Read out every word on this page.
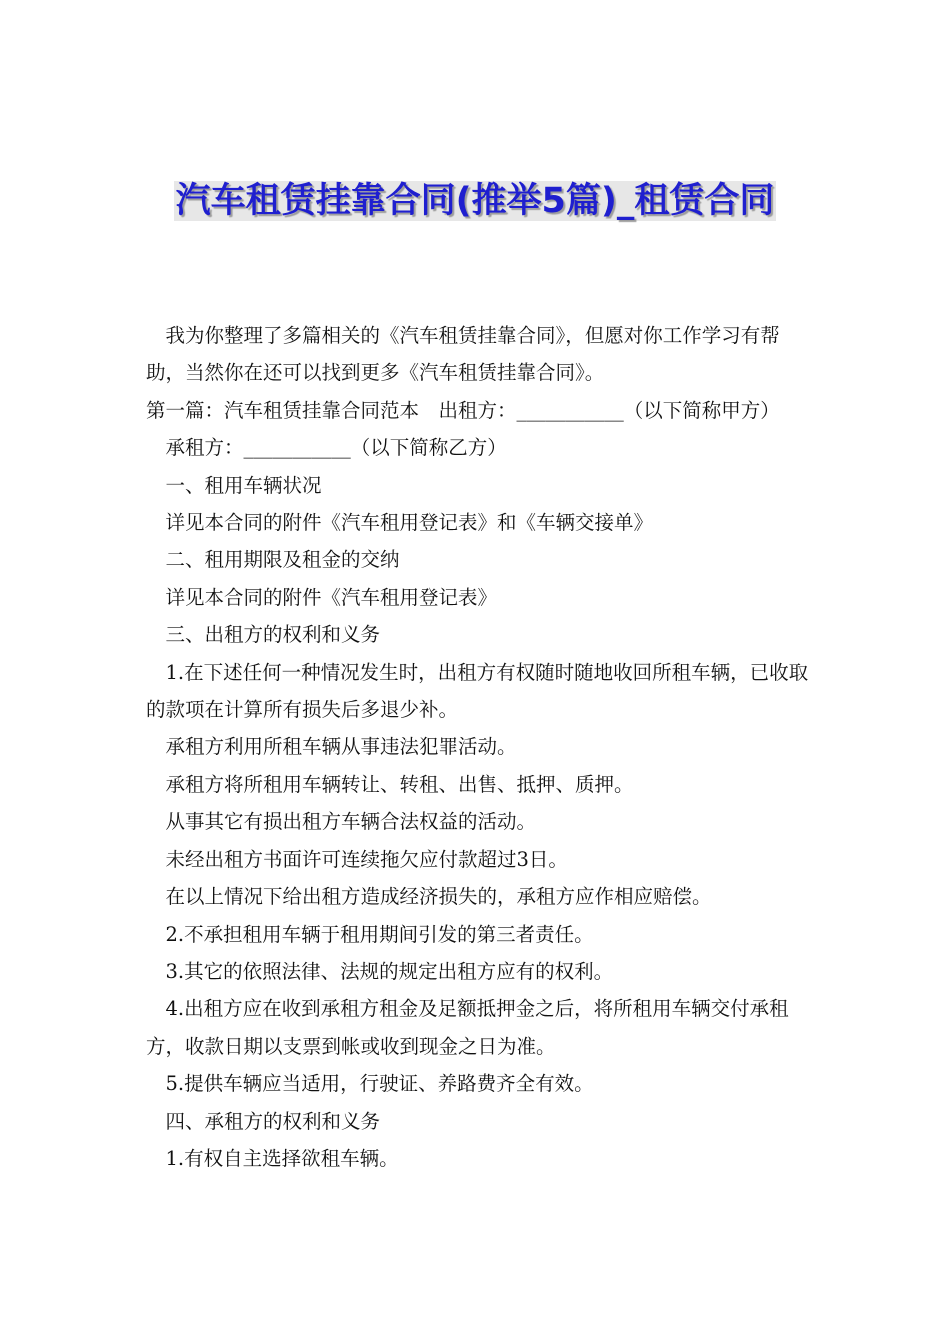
汽车租赁挂靠合同(推举5篇)_租赁合同

我为你整理了多篇相关的《汽车租赁挂靠合同》，但愿对你工作学习有帮助，当然你在还可以找到更多《汽车租赁挂靠合同》。

第一篇：汽车租赁挂靠合同范本　出租方：___________（以下简称甲方）

承租方：___________（以下简称乙方）

一、租用车辆状况

详见本合同的附件《汽车租用登记表》和《车辆交接单》

二、租用期限及租金的交纳

详见本合同的附件《汽车租用登记表》

三、出租方的权利和义务

1.在下述任何一种情况发生时，出租方有权随时随地收回所租车辆，已收取的款项在计算所有损失后多退少补。

承租方利用所租车辆从事违法犯罪活动。

承租方将所租用车辆转让、转租、出售、抵押、质押。

从事其它有损出租方车辆合法权益的活动。

未经出租方书面许可连续拖欠应付款超过3日。

在以上情况下给出租方造成经济损失的，承租方应作相应赔偿。

2.不承担租用车辆于租用期间引发的第三者责任。

3.其它的依照法律、法规的规定出租方应有的权利。

4.出租方应在收到承租方租金及足额抵押金之后，将所租用车辆交付承租方，收款日期以支票到帐或收到现金之日为准。

5.提供车辆应当适用，行驶证、养路费齐全有效。

四、承租方的权利和义务

1.有权自主选择欲租车辆。
